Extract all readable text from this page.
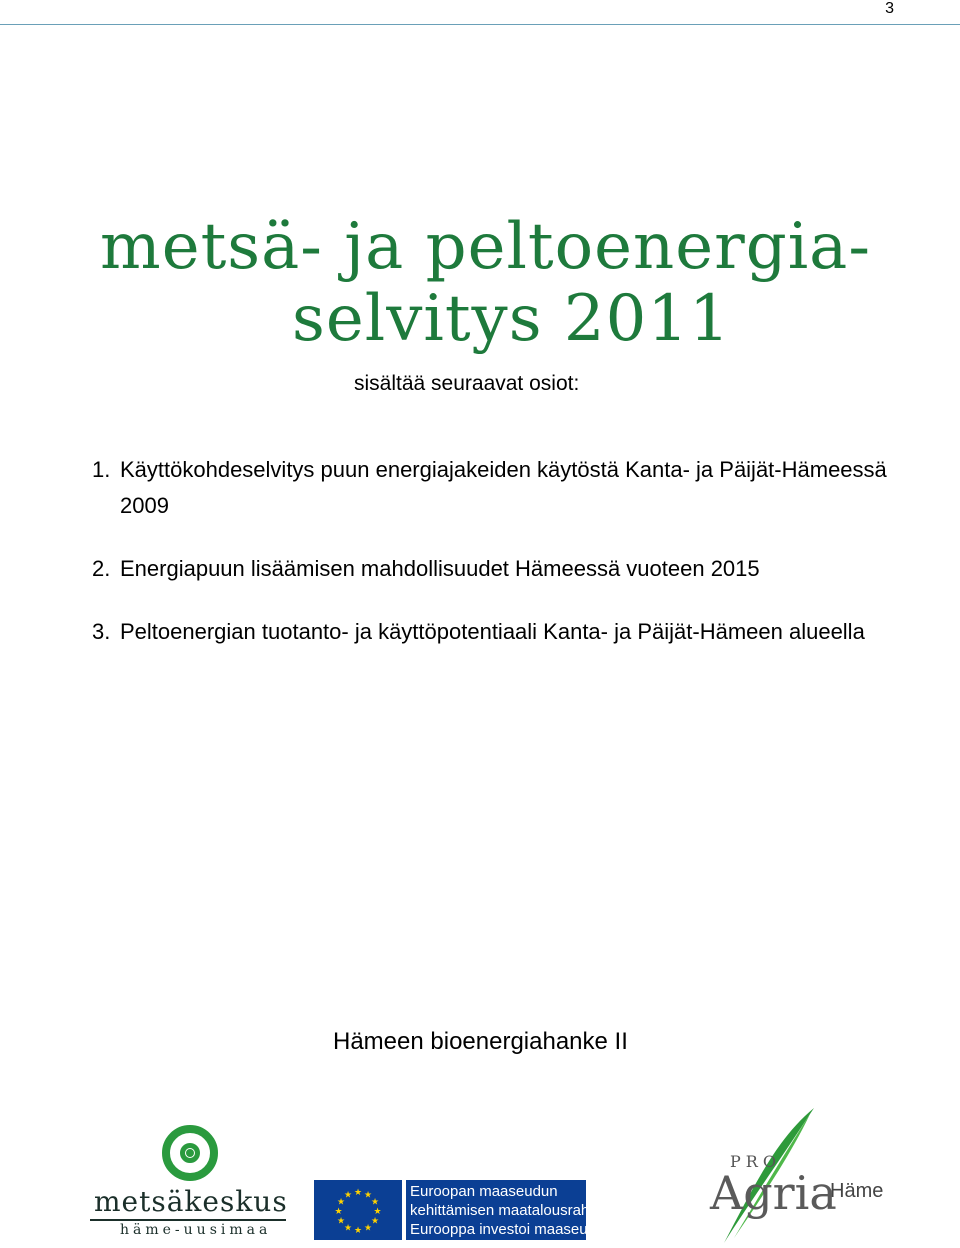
3
metsä- ja peltoenergia-
selvitys 2011
sisältää seuraavat osiot:
1. Käyttökohdeselvitys puun energiajakeiden käytöstä Kanta- ja Päijät-Hämeessä 2009
2. Energiapuun lisäämisen mahdollisuudet Hämeessä vuoteen 2015
3. Peltoenergian tuotanto- ja käyttöpotentiaali Kanta- ja Päijät-Hämeen alueella
Hämeen bioenergiahanke II
metsäkeskus
häme-uusimaa
★ ★
★
★
★
★
★
★
★
★
★
★	Euroopan maaseudun
kehittämisen maatalousrahasto:
Eurooppa investoi maaseutualueisiin
PRO
Agria
Häme
